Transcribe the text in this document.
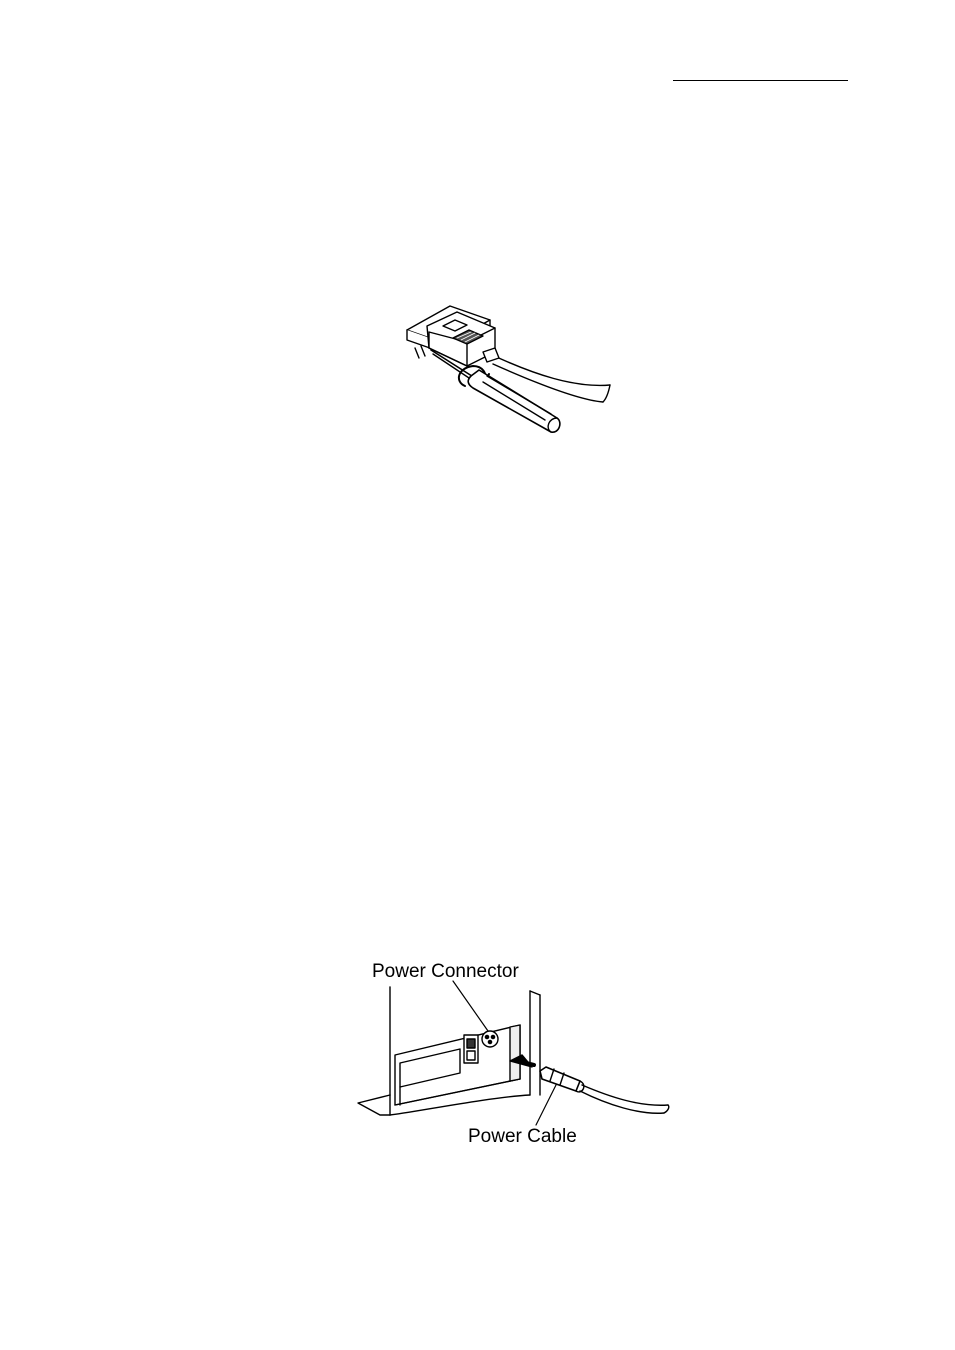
Power Connector
Power Cable
